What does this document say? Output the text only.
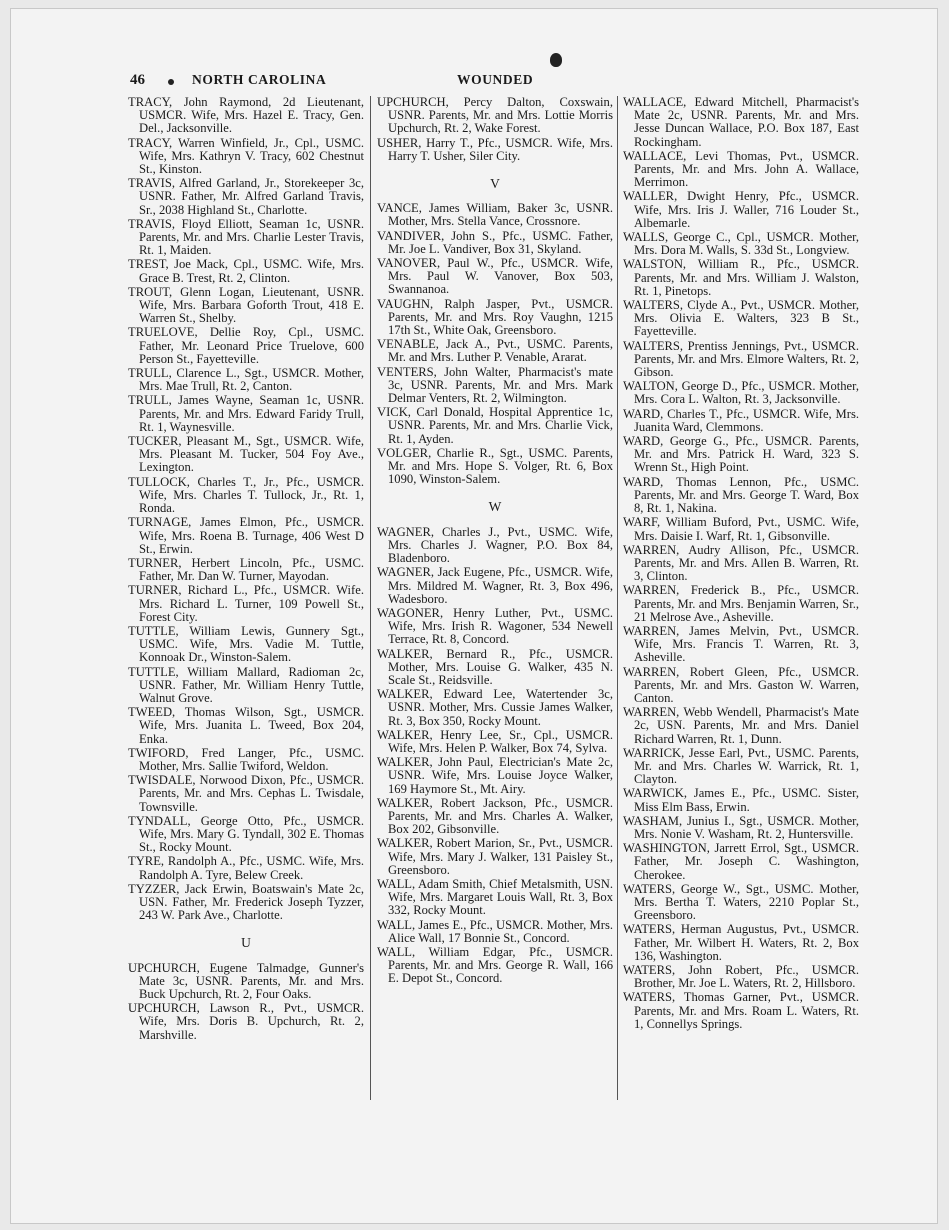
46	NORTH CAROLINA	WOUNDED
TRACY, John Raymond, 2d Lieutenant, USMCR. Wife, Mrs. Hazel E. Tracy, Gen. Del., Jacksonville.
TRACY, Warren Winfield, Jr., Cpl., USMC. Wife, Mrs. Kathryn V. Tracy, 602 Chestnut St., Kinston.
TRAVIS, Alfred Garland, Jr., Storekeeper 3c, USNR. Father, Mr. Alfred Garland Travis, Sr., 2038 Highland St., Charlotte.
TRAVIS, Floyd Elliott, Seaman 1c, USNR. Parents, Mr. and Mrs. Charlie Lester Travis, Rt. 1, Maiden.
TREST, Joe Mack, Cpl., USMC. Wife, Mrs. Grace B. Trest, Rt. 2, Clinton.
TROUT, Glenn Logan, Lieutenant, USNR. Wife, Mrs. Barbara Goforth Trout, 418 E. Warren St., Shelby.
TRUELOVE, Dellie Roy, Cpl., USMC. Father, Mr. Leonard Price Truelove, 600 Person St., Fayetteville.
TRULL, Clarence L., Sgt., USMCR. Mother, Mrs. Mae Trull, Rt. 2, Canton.
TRULL, James Wayne, Seaman 1c, USNR. Parents, Mr. and Mrs. Edward Faridy Trull, Rt. 1, Waynesville.
TUCKER, Pleasant M., Sgt., USMCR. Wife, Mrs. Pleasant M. Tucker, 504 Foy Ave., Lexington.
TULLOCK, Charles T., Jr., Pfc., USMCR. Wife, Mrs. Charles T. Tullock, Jr., Rt. 1, Ronda.
TURNAGE, James Elmon, Pfc., USMCR. Wife, Mrs. Roena B. Turnage, 406 West D St., Erwin.
TURNER, Herbert Lincoln, Pfc., USMC. Father, Mr. Dan W. Turner, Mayodan.
TURNER, Richard L., Pfc., USMCR. Wife. Mrs. Richard L. Turner, 109 Powell St., Forest City.
TUTTLE, William Lewis, Gunnery Sgt., USMC. Wife, Mrs. Vadie M. Tuttle, Konnoak Dr., Winston-Salem.
TUTTLE, William Mallard, Radioman 2c, USNR. Father, Mr. William Henry Tuttle, Walnut Grove.
TWEED, Thomas Wilson, Sgt., USMCR. Wife, Mrs. Juanita L. Tweed, Box 204, Enka.
TWIFORD, Fred Langer, Pfc., USMC. Mother, Mrs. Sallie Twiford, Weldon.
TWISDALE, Norwood Dixon, Pfc., USMCR. Parents, Mr. and Mrs. Cephas L. Twisdale, Townsville.
TYNDALL, George Otto, Pfc., USMCR. Wife, Mrs. Mary G. Tyndall, 302 E. Thomas St., Rocky Mount.
TYRE, Randolph A., Pfc., USMC. Wife, Mrs. Randolph A. Tyre, Belew Creek.
TYZZER, Jack Erwin, Boatswain's Mate 2c, USN. Father, Mr. Frederick Joseph Tyzzer, 243 W. Park Ave., Charlotte.
U
UPCHURCH, Eugene Talmadge, Gunner's Mate 3c, USNR. Parents, Mr. and Mrs. Buck Upchurch, Rt. 2, Four Oaks.
UPCHURCH, Lawson R., Pvt., USMCR. Wife, Mrs. Doris B. Upchurch, Rt. 2, Marshville.
UPCHURCH, Percy Dalton, Coxswain, USNR. Parents, Mr. and Mrs. Lottie Morris Upchurch, Rt. 2, Wake Forest.
USHER, Harry T., Pfc., USMCR. Wife, Mrs. Harry T. Usher, Siler City.
V
VANCE, James William, Baker 3c, USNR. Mother, Mrs. Stella Vance, Crossnore.
VANDIVER, John S., Pfc., USMC. Father, Mr. Joe L. Vandiver, Box 31, Skyland.
VANOVER, Paul W., Pfc., USMCR. Wife, Mrs. Paul W. Vanover, Box 503, Swannanoa.
VAUGHN, Ralph Jasper, Pvt., USMCR. Parents, Mr. and Mrs. Roy Vaughn, 1215 17th St., White Oak, Greensboro.
VENABLE, Jack A., Pvt., USMC. Parents, Mr. and Mrs. Luther P. Venable, Ararat.
VENTERS, John Walter, Pharmacist's mate 3c, USNR. Parents, Mr. and Mrs. Mark Delmar Venters, Rt. 2, Wilmington.
VICK, Carl Donald, Hospital Apprentice 1c, USNR. Parents, Mr. and Mrs. Charlie Vick, Rt. 1, Ayden.
VOLGER, Charlie R., Sgt., USMC. Parents, Mr. and Mrs. Hope S. Volger, Rt. 6, Box 1090, Winston-Salem.
W
WAGNER, Charles J., Pvt., USMC. Wife, Mrs. Charles J. Wagner, P.O. Box 84, Bladenboro.
WAGNER, Jack Eugene, Pfc., USMCR. Wife, Mrs. Mildred M. Wagner, Rt. 3, Box 496, Wadesboro.
WAGONER, Henry Luther, Pvt., USMC. Wife, Mrs. Irish R. Wagoner, 534 Newell Terrace, Rt. 8, Concord.
WALKER, Bernard R., Pfc., USMCR. Mother, Mrs. Louise G. Walker, 435 N. Scale St., Reidsville.
WALKER, Edward Lee, Watertender 3c, USNR. Mother, Mrs. Cussie James Walker, Rt. 3, Box 350, Rocky Mount.
WALKER, Henry Lee, Sr., Cpl., USMCR. Wife, Mrs. Helen P. Walker, Box 74, Sylva.
WALKER, John Paul, Electrician's Mate 2c, USNR. Wife, Mrs. Louise Joyce Walker, 169 Haymore St., Mt. Airy.
WALKER, Robert Jackson, Pfc., USMCR. Parents, Mr. and Mrs. Charles A. Walker, Box 202, Gibsonville.
WALKER, Robert Marion, Sr., Pvt., USMCR. Wife, Mrs. Mary J. Walker, 131 Paisley St., Greensboro.
WALL, Adam Smith, Chief Metalsmith, USN. Wife, Mrs. Margaret Louis Wall, Rt. 3, Box 332, Rocky Mount.
WALL, James E., Pfc., USMCR. Mother, Mrs. Alice Wall, 17 Bonnie St., Concord.
WALL, William Edgar, Pfc., USMCR. Parents, Mr. and Mrs. George R. Wall, 166 E. Depot St., Concord.
WALLACE, Edward Mitchell, Pharmacist's Mate 2c, USNR. Parents, Mr. and Mrs. Jesse Duncan Wallace, P.O. Box 187, East Rockingham.
WALLACE, Levi Thomas, Pvt., USMCR. Parents, Mr. and Mrs. John A. Wallace, Merrimon.
WALLER, Dwight Henry, Pfc., USMCR. Wife, Mrs. Iris J. Waller, 716 Louder St., Albemarle.
WALLS, George C., Cpl., USMCR. Mother, Mrs. Dora M. Walls, S. 33d St., Longview.
WALSTON, William R., Pfc., USMCR. Parents, Mr. and Mrs. William J. Walston, Rt. 1, Pinetops.
WALTERS, Clyde A., Pvt., USMCR. Mother, Mrs. Olivia E. Walters, 323 B St., Fayetteville.
WALTERS, Prentiss Jennings, Pvt., USMCR. Parents, Mr. and Mrs. Elmore Walters, Rt. 2, Gibson.
WALTON, George D., Pfc., USMCR. Mother, Mrs. Cora L. Walton, Rt. 3, Jacksonville.
WARD, Charles T., Pfc., USMCR. Wife, Mrs. Juanita Ward, Clemmons.
WARD, George G., Pfc., USMCR. Parents, Mr. and Mrs. Patrick H. Ward, 323 S. Wrenn St., High Point.
WARD, Thomas Lennon, Pfc., USMC. Parents, Mr. and Mrs. George T. Ward, Box 8, Rt. 1, Nakina.
WARF, William Buford, Pvt., USMC. Wife, Mrs. Daisie I. Warf, Rt. 1, Gibsonville.
WARREN, Audry Allison, Pfc., USMCR. Parents, Mr. and Mrs. Allen B. Warren, Rt. 3, Clinton.
WARREN, Frederick B., Pfc., USMCR. Parents, Mr. and Mrs. Benjamin Warren, Sr., 21 Melrose Ave., Asheville.
WARREN, James Melvin, Pvt., USMCR. Wife, Mrs. Francis T. Warren, Rt. 3, Asheville.
WARREN, Robert Gleen, Pfc., USMCR. Parents, Mr. and Mrs. Gaston W. Warren, Canton.
WARREN, Webb Wendell, Pharmacist's Mate 2c, USN. Parents, Mr. and Mrs. Daniel Richard Warren, Rt. 1, Dunn.
WARRICK, Jesse Earl, Pvt., USMC. Parents, Mr. and Mrs. Charles W. Warrick, Rt. 1, Clayton.
WARWICK, James E., Pfc., USMC. Sister, Miss Elm Bass, Erwin.
WASHAM, Junius I., Sgt., USMCR. Mother, Mrs. Nonie V. Washam, Rt. 2, Huntersville.
WASHINGTON, Jarrett Errol, Sgt., USMCR. Father, Mr. Joseph C. Washington, Cherokee.
WATERS, George W., Sgt., USMC. Mother, Mrs. Bertha T. Waters, 2210 Poplar St., Greensboro.
WATERS, Herman Augustus, Pvt., USMCR. Father, Mr. Wilbert H. Waters, Rt. 2, Box 136, Washington.
WATERS, John Robert, Pfc., USMCR. Brother, Mr. Joe L. Waters, Rt. 2, Hillsboro.
WATERS, Thomas Garner, Pvt., USMCR. Parents, Mr. and Mrs. Roam L. Waters, Rt. 1, Connellys Springs.
